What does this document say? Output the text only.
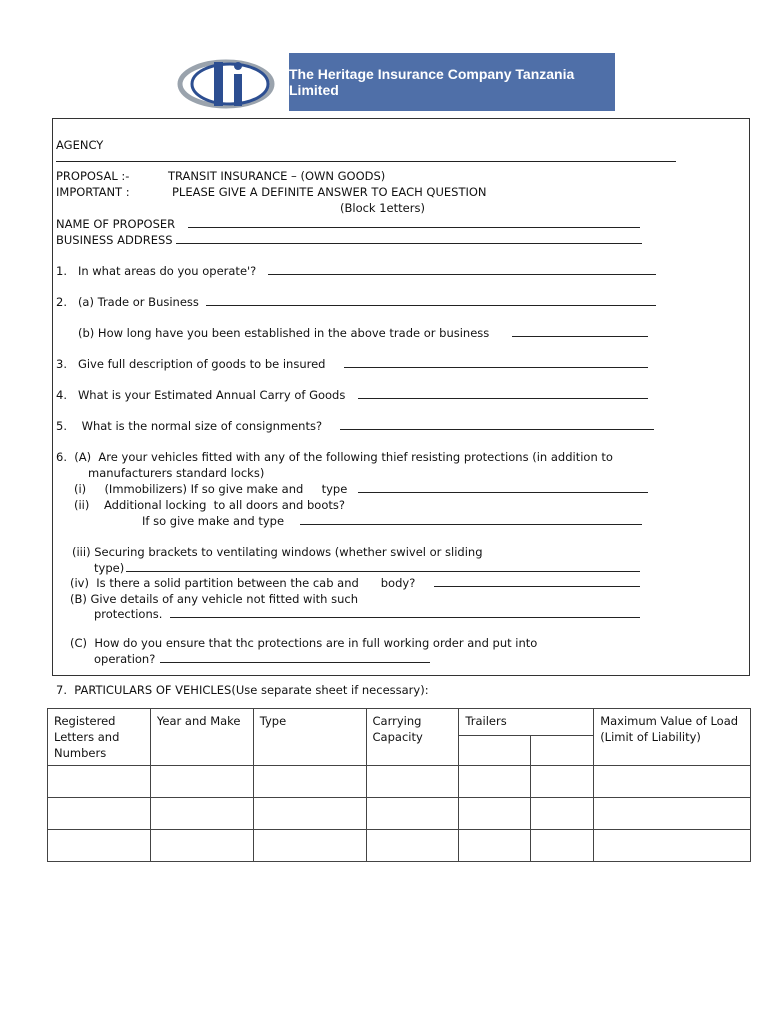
The Heritage Insurance Company Tanzania Limited
AGENCY
PROPOSAL :-	TRANSIT INSURANCE – (OWN GOODS)
IMPORTANT :	PLEASE GIVE A DEFINITE ANSWER TO EACH QUESTION
(Block 1etters)
NAME OF PROPOSER
BUSINESS ADDRESS
1.   In what areas do you operate'?
2.   (a) Trade or Business
(b) How long have you been established in the above trade or business
3.   Give full description of goods to be insured
4.   What is your Estimated Annual Carry of Goods
5.    What is the normal size of consignments?
6.  (A)  Are your vehicles fitted with any of the following thief resisting protections (in addition to
manufacturers standard locks)
(i)     (Immobilizers) If so give make and     type
(ii)    Additional locking  to all doors and boots?
If so give make and type
(iii) Securing brackets to ventilating windows (whether swivel or sliding
type)
(iv)  Is there a solid partition between the cab and      body?
(B) Give details of any vehicle not fitted with such
protections.
(C)  How do you ensure that thc protections are in full working order and put into
operation?
7.  PARTICULARS OF VEHICLES(Use separate sheet if necessary):
Registered Letters and Numbers	Year and Make	Type	Carrying Capacity	Trailers		Maximum Value of Load (Limit of Liability)
